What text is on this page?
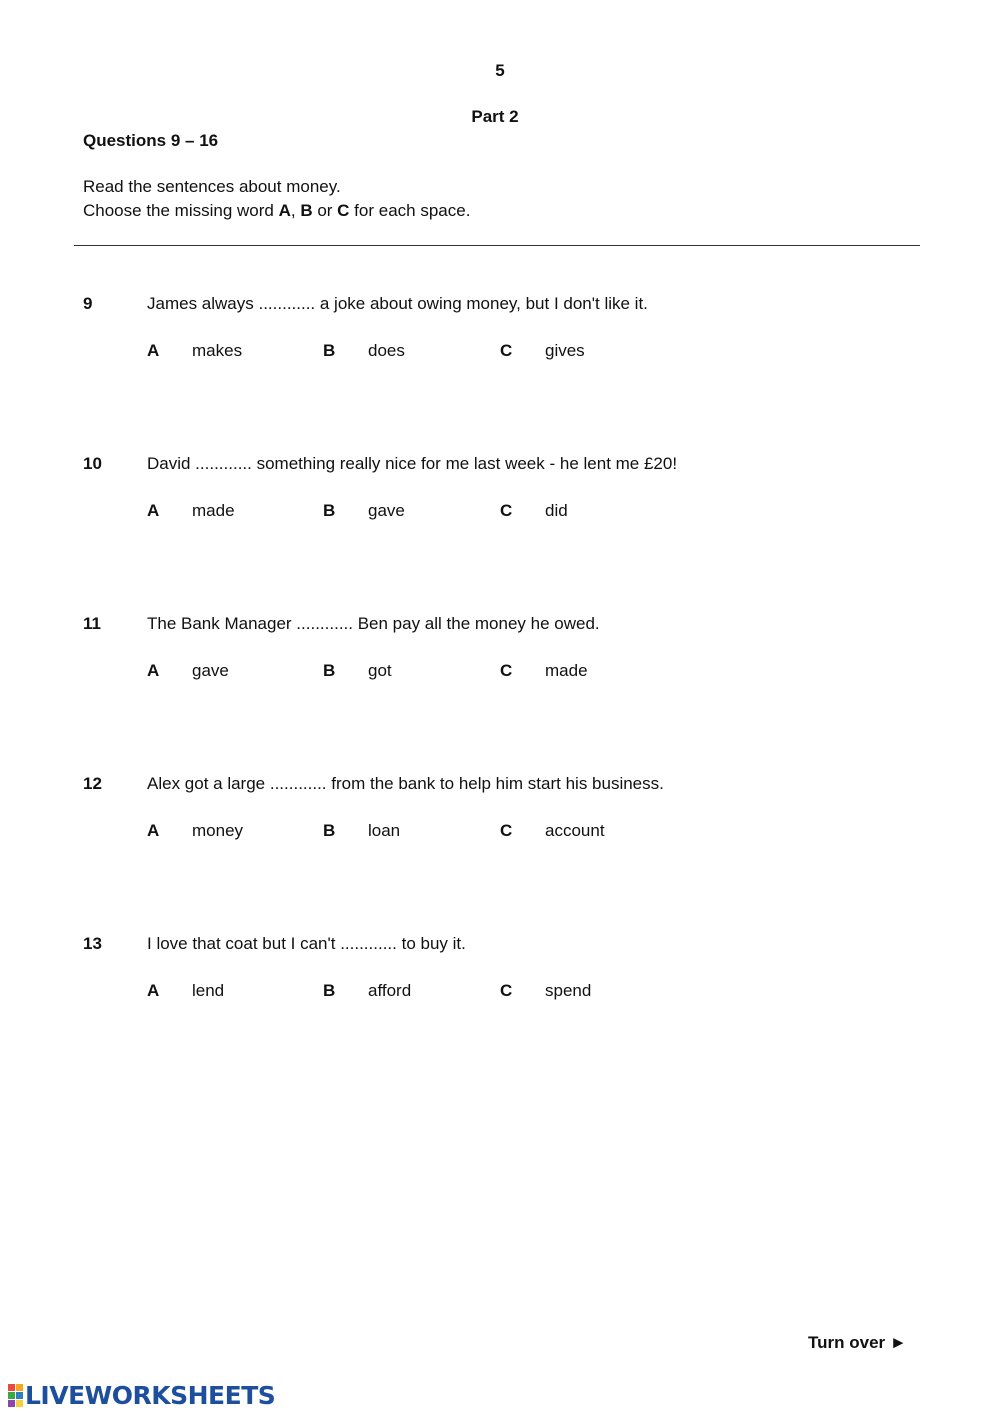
5
Part 2
Questions 9 – 16
Read the sentences about money.
Choose the missing word A, B or C for each space.
9	James always ............ a joke about owing money, but I don't like it.
A makes	B does	C gives
10	David ............ something really nice for me last week - he lent me £20!
A made	B gave	C did
11	The Bank Manager ............ Ben pay all the money he owed.
A gave	B got	C made
12	Alex got a large ............ from the bank to help him start his business.
A money	B loan	C account
13	I love that coat but I can't ............ to buy it.
A lend	B afford	C spend
Turn over ►
LIVEWORKSHEETS
